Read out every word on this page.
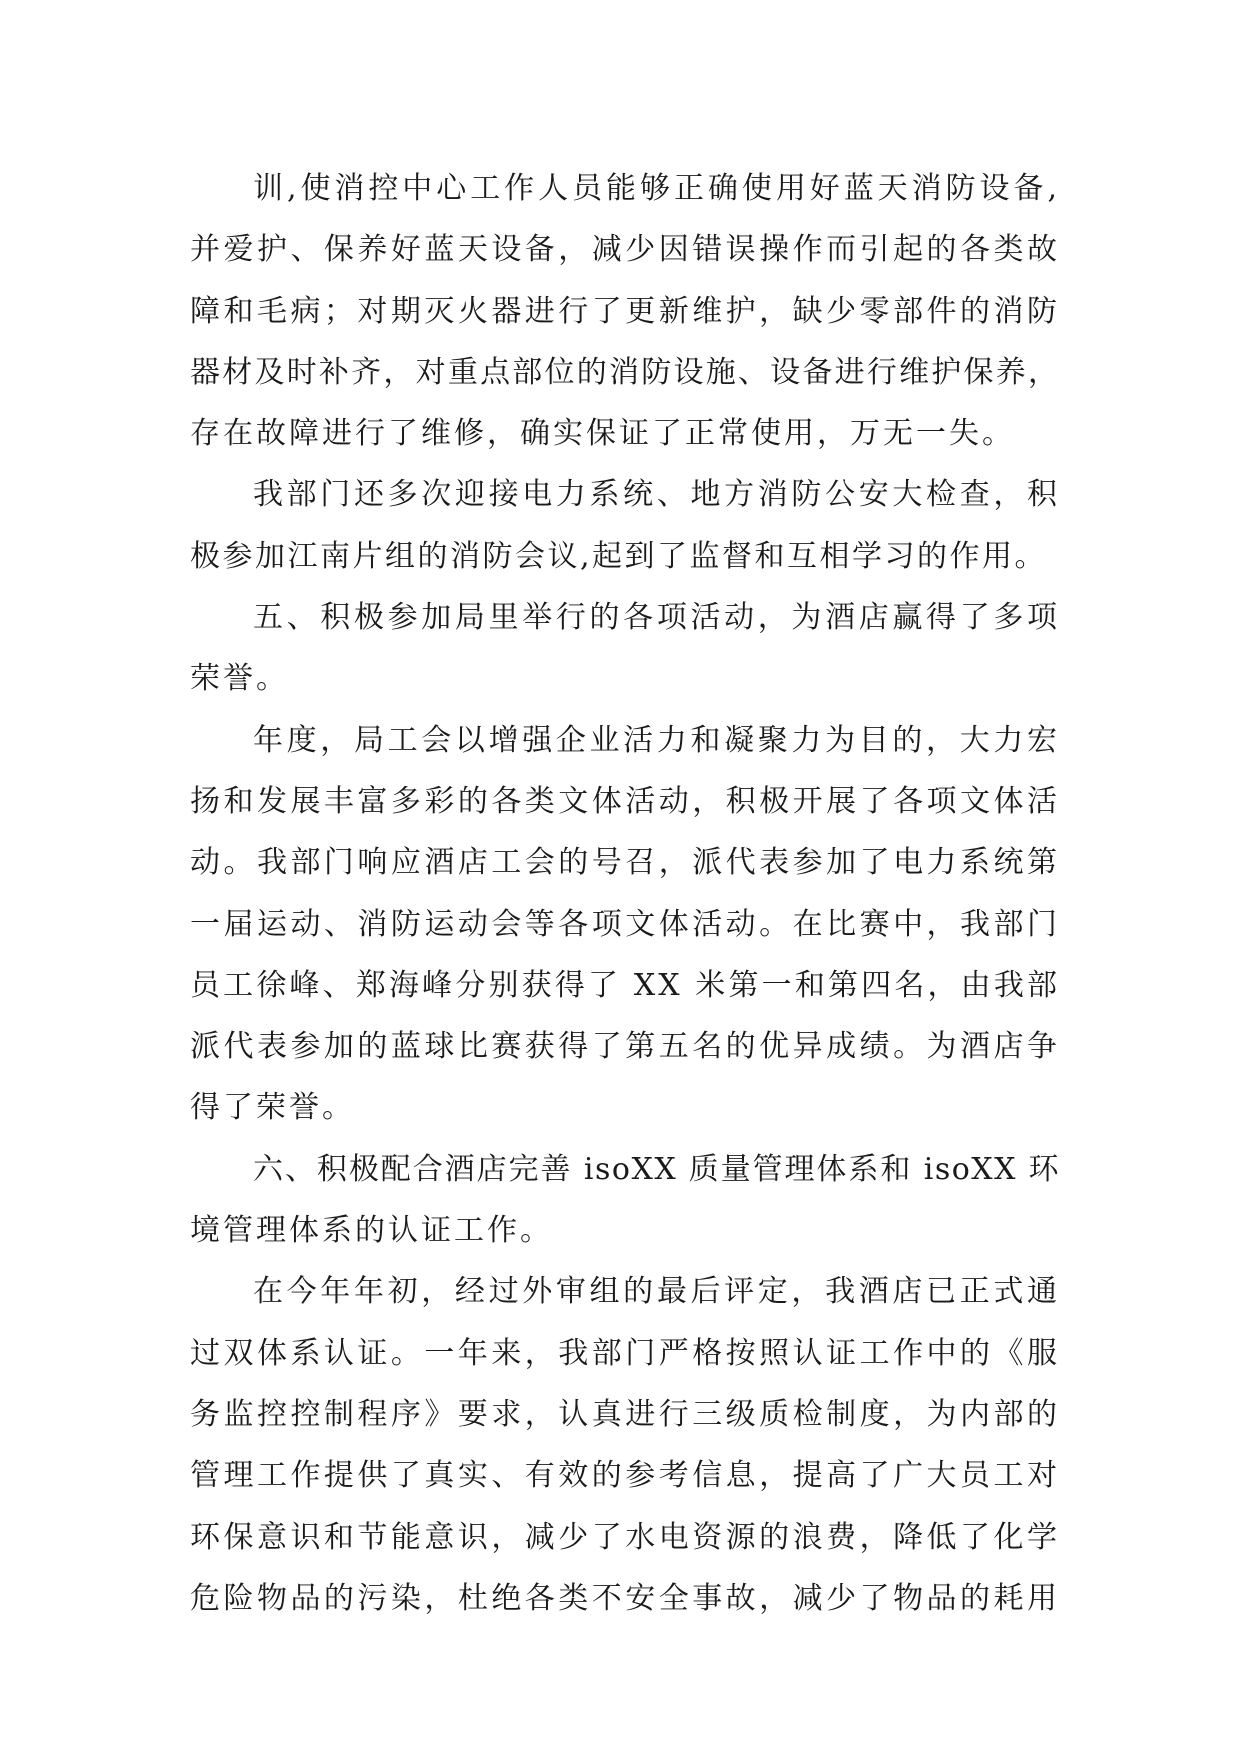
训,使消控中心工作人员能够正确使用好蓝天消防设备,
并爱护、保养好蓝天设备，减少因错误操作而引起的各类故
障和毛病；对期灭火器进行了更新维护，缺少零部件的消防
器材及时补齐，对重点部位的消防设施、设备进行维护保养，
存在故障进行了维修，确实保证了正常使用，万无一失。
我部门还多次迎接电力系统、地方消防公安大检查，积
极参加江南片组的消防会议,起到了监督和互相学习的作用。
五、积极参加局里举行的各项活动，为酒店赢得了多项
荣誉。
年度，局工会以增强企业活力和凝聚力为目的，大力宏
扬和发展丰富多彩的各类文体活动，积极开展了各项文体活
动。我部门响应酒店工会的号召，派代表参加了电力系统第
一届运动、消防运动会等各项文体活动。在比赛中，我部门
员工徐峰、郑海峰分别获得了 XX 米第一和第四名，由我部
派代表参加的蓝球比赛获得了第五名的优异成绩。为酒店争
得了荣誉。
六、积极配合酒店完善 isoXX 质量管理体系和 isoXX 环
境管理体系的认证工作。
在今年年初，经过外审组的最后评定，我酒店已正式通
过双体系认证。一年来，我部门严格按照认证工作中的《服
务监控控制程序》要求，认真进行三级质检制度，为内部的
管理工作提供了真实、有效的参考信息，提高了广大员工对
环保意识和节能意识，减少了水电资源的浪费，降低了化学
危险物品的污染，杜绝各类不安全事故，减少了物品的耗用
